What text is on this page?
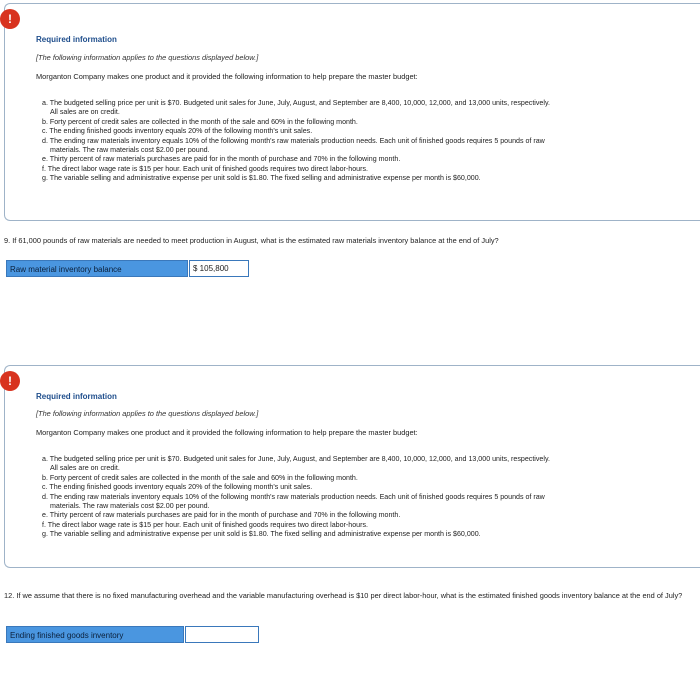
!
Required information
[The following information applies to the questions displayed below.]
Morganton Company makes one product and it provided the following information to help prepare the master budget:
a. The budgeted selling price per unit is $70. Budgeted unit sales for June, July, August, and September are 8,400, 10,000, 12,000, and 13,000 units, respectively.
All sales are on credit.
b. Forty percent of credit sales are collected in the month of the sale and 60% in the following month.
c. The ending finished goods inventory equals 20% of the following month's unit sales.
d. The ending raw materials inventory equals 10% of the following month's raw materials production needs. Each unit of finished goods requires 5 pounds of raw
materials. The raw materials cost $2.00 per pound.
e. Thirty percent of raw materials purchases are paid for in the month of purchase and 70% in the following month.
f. The direct labor wage rate is $15 per hour. Each unit of finished goods requires two direct labor-hours.
g. The variable selling and administrative expense per unit sold is $1.80. The fixed selling and administrative expense per month is $60,000.
9. If 61,000 pounds of raw materials are needed to meet production in August, what is the estimated raw materials inventory balance at the end of July?
Raw material inventory balance	$ 105,800
!
Required information
[The following information applies to the questions displayed below.]
Morganton Company makes one product and it provided the following information to help prepare the master budget:
a. The budgeted selling price per unit is $70. Budgeted unit sales for June, July, August, and September are 8,400, 10,000, 12,000, and 13,000 units, respectively.
All sales are on credit.
b. Forty percent of credit sales are collected in the month of the sale and 60% in the following month.
c. The ending finished goods inventory equals 20% of the following month's unit sales.
d. The ending raw materials inventory equals 10% of the following month's raw materials production needs. Each unit of finished goods requires 5 pounds of raw
materials. The raw materials cost $2.00 per pound.
e. Thirty percent of raw materials purchases are paid for in the month of purchase and 70% in the following month.
f. The direct labor wage rate is $15 per hour. Each unit of finished goods requires two direct labor-hours.
g. The variable selling and administrative expense per unit sold is $1.80. The fixed selling and administrative expense per month is $60,000.
12. If we assume that there is no fixed manufacturing overhead and the variable manufacturing overhead is $10 per direct labor-hour, what is the estimated finished goods inventory balance at the end of July?
Ending finished goods inventory
